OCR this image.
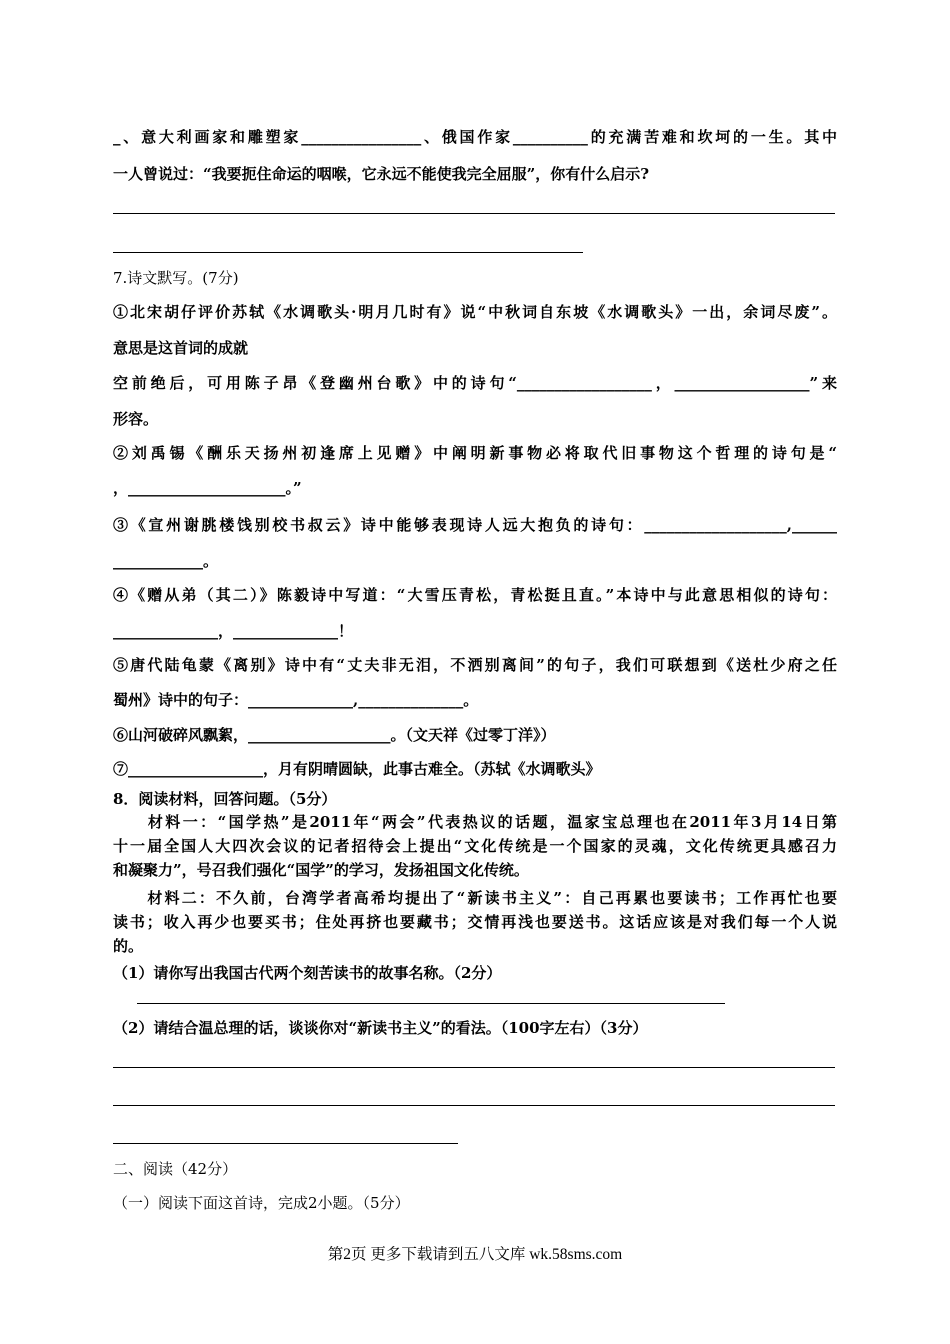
_、意大利画家和雕塑家________________、俄国作家__________的充满苦难和坎坷的一生。其中
一人曾说过：“我要扼住命运的咽喉，它永远不能使我完全屈服”，你有什么启示?
7.诗文默写。(7分)
①北宋胡仔评价苏轼《水调歌头·明月几时有》说“中秋词自东坡《水调歌头》一出，余词尽废”。
意思是这首词的成就
空前绝后，可用陈子昂《登幽州台歌》中的诗句“__________________，__________________”来
形容。
②刘禹锡《酬乐天扬州初逢席上见赠》中阐明新事物必将取代旧事物这个哲理的诗句是“
，_____________________。”
③《宣州谢朓楼饯别校书叔云》诗中能够表现诗人远大抱负的诗句：___________________,______
____________。
④《赠从弟（其二）》陈毅诗中写道：“大雪压青松，青松挺且直。”本诗中与此意思相似的诗句：
______________，______________！
⑤唐代陆龟蒙《离别》诗中有“丈夫非无泪，不洒别离间”的句子，我们可联想到《送杜少府之任
蜀州》诗中的句子：______________,______________。
⑥山河破碎风飘絮，___________________。（文天祥《过零丁洋》）
⑦__________________，月有阴晴圆缺，此事古难全。（苏轼《水调歌头》
8．阅读材料，回答问题。（5分）
　　材料一：“国学热”是2011年“两会”代表热议的话题，温家宝总理也在2011年3月14日第
十一届全国人大四次会议的记者招待会上提出“文化传统是一个国家的灵魂，文化传统更具感召力
和凝聚力”，号召我们强化“国学”的学习，发扬祖国文化传统。
　　材料二：不久前，台湾学者高希均提出了“新读书主义”：自己再累也要读书；工作再忙也要
读书；收入再少也要买书；住处再挤也要藏书；交情再浅也要送书。这话应该是对我们每一个人说
的。
（1）请你写出我国古代两个刻苦读书的故事名称。（2分）
（2）请结合温总理的话，谈谈你对“新读书主义”的看法。（100字左右）（3分）
二、阅读（42分）
（一）阅读下面这首诗，完成2小题。（5分）
第2页 更多下载请到五八文库 wk.58sms.com
